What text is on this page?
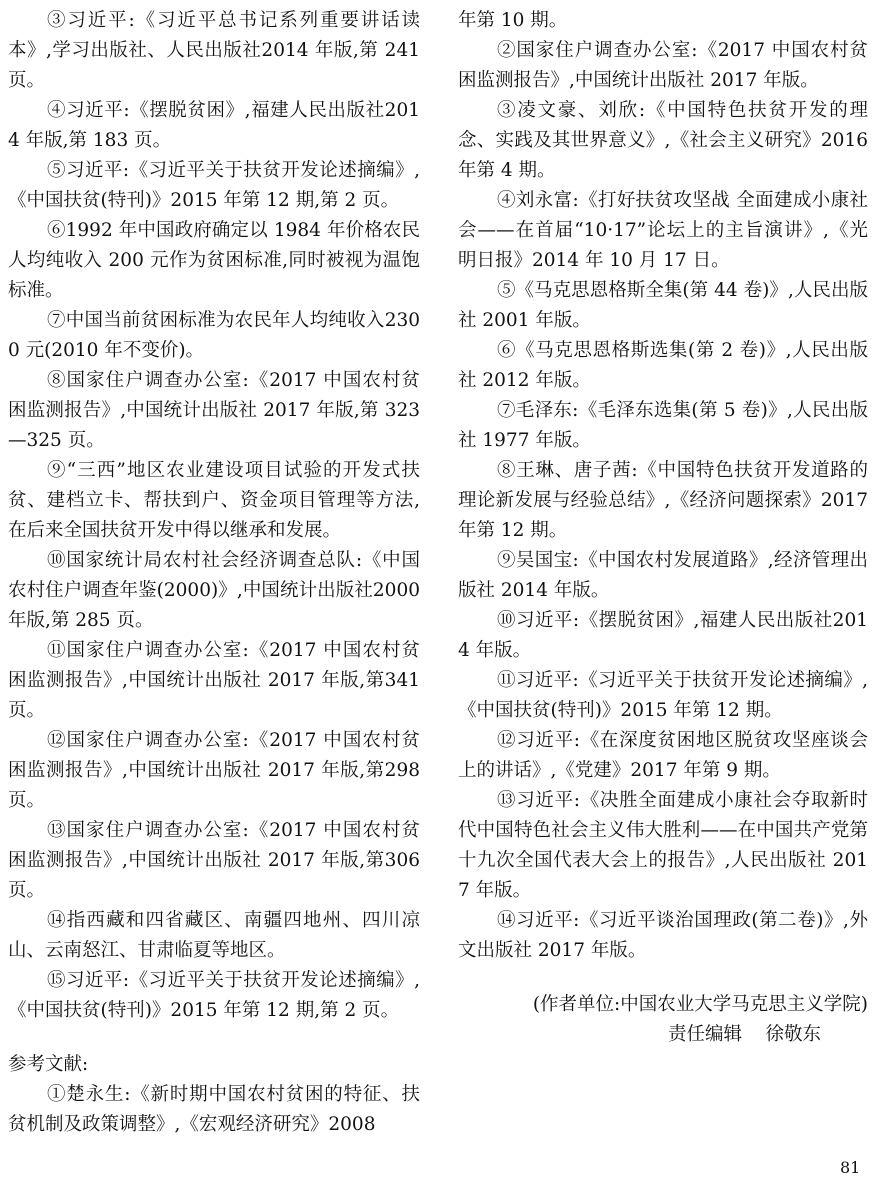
③习近平:《习近平总书记系列重要讲话读本》,学习出版社、人民出版社2014 年版,第 241 页。

④习近平:《摆脱贫困》,福建人民出版社2014 年版,第 183 页。

⑤习近平:《习近平关于扶贫开发论述摘编》,《中国扶贫(特刊)》2015 年第 12 期,第 2 页。

⑥1992 年中国政府确定以 1984 年价格农民人均纯收入 200 元作为贫困标准,同时被视为温饱标准。

⑦中国当前贫困标准为农民年人均纯收入2300 元(2010 年不变价)。

⑧国家住户调查办公室:《2017 中国农村贫困监测报告》,中国统计出版社 2017 年版,第 323—325 页。

⑨“三西”地区农业建设项目试验的开发式扶贫、建档立卡、帮扶到户、资金项目管理等方法,在后来全国扶贫开发中得以继承和发展。

⑩国家统计局农村社会经济调查总队:《中国农村住户调查年鉴(2000)》,中国统计出版社2000 年版,第 285 页。

⑪国家住户调查办公室:《2017 中国农村贫困监测报告》,中国统计出版社 2017 年版,第341 页。

⑫国家住户调查办公室:《2017 中国农村贫困监测报告》,中国统计出版社 2017 年版,第298 页。

⑬国家住户调查办公室:《2017 中国农村贫困监测报告》,中国统计出版社 2017 年版,第306 页。

⑭指西藏和四省藏区、南疆四地州、四川凉山、云南怒江、甘肃临夏等地区。

⑮习近平:《习近平关于扶贫开发论述摘编》,《中国扶贫(特刊)》2015 年第 12 期,第 2 页。

参考文献:

①楚永生:《新时期中国农村贫困的特征、扶贫机制及政策调整》,《宏观经济研究》2008

年第 10 期。

②国家住户调查办公室:《2017 中国农村贫困监测报告》,中国统计出版社 2017 年版。

③凌文豪、刘欣:《中国特色扶贫开发的理念、实践及其世界意义》,《社会主义研究》2016年第 4 期。

④刘永富:《打好扶贫攻坚战 全面建成小康社会——在首届“10·17”论坛上的主旨演讲》,《光明日报》2014 年 10 月 17 日。

⑤《马克思恩格斯全集(第 44 卷)》,人民出版社 2001 年版。

⑥《马克思恩格斯选集(第 2 卷)》,人民出版社 2012 年版。

⑦毛泽东:《毛泽东选集(第 5 卷)》,人民出版社 1977 年版。

⑧王琳、唐子茜:《中国特色扶贫开发道路的理论新发展与经验总结》,《经济问题探索》2017 年第 12 期。

⑨吴国宝:《中国农村发展道路》,经济管理出版社 2014 年版。

⑩习近平:《摆脱贫困》,福建人民出版社2014 年版。

⑪习近平:《习近平关于扶贫开发论述摘编》,《中国扶贫(特刊)》2015 年第 12 期。

⑫习近平:《在深度贫困地区脱贫攻坚座谈会上的讲话》,《党建》2017 年第 9 期。

⑬习近平:《决胜全面建成小康社会夺取新时代中国特色社会主义伟大胜利——在中国共产党第十九次全国代表大会上的报告》,人民出版社 2017 年版。

⑭习近平:《习近平谈治国理政(第二卷)》,外文出版社 2017 年版。

(作者单位:中国农业大学马克思主义学院)

责任编辑    徐敬东

81
